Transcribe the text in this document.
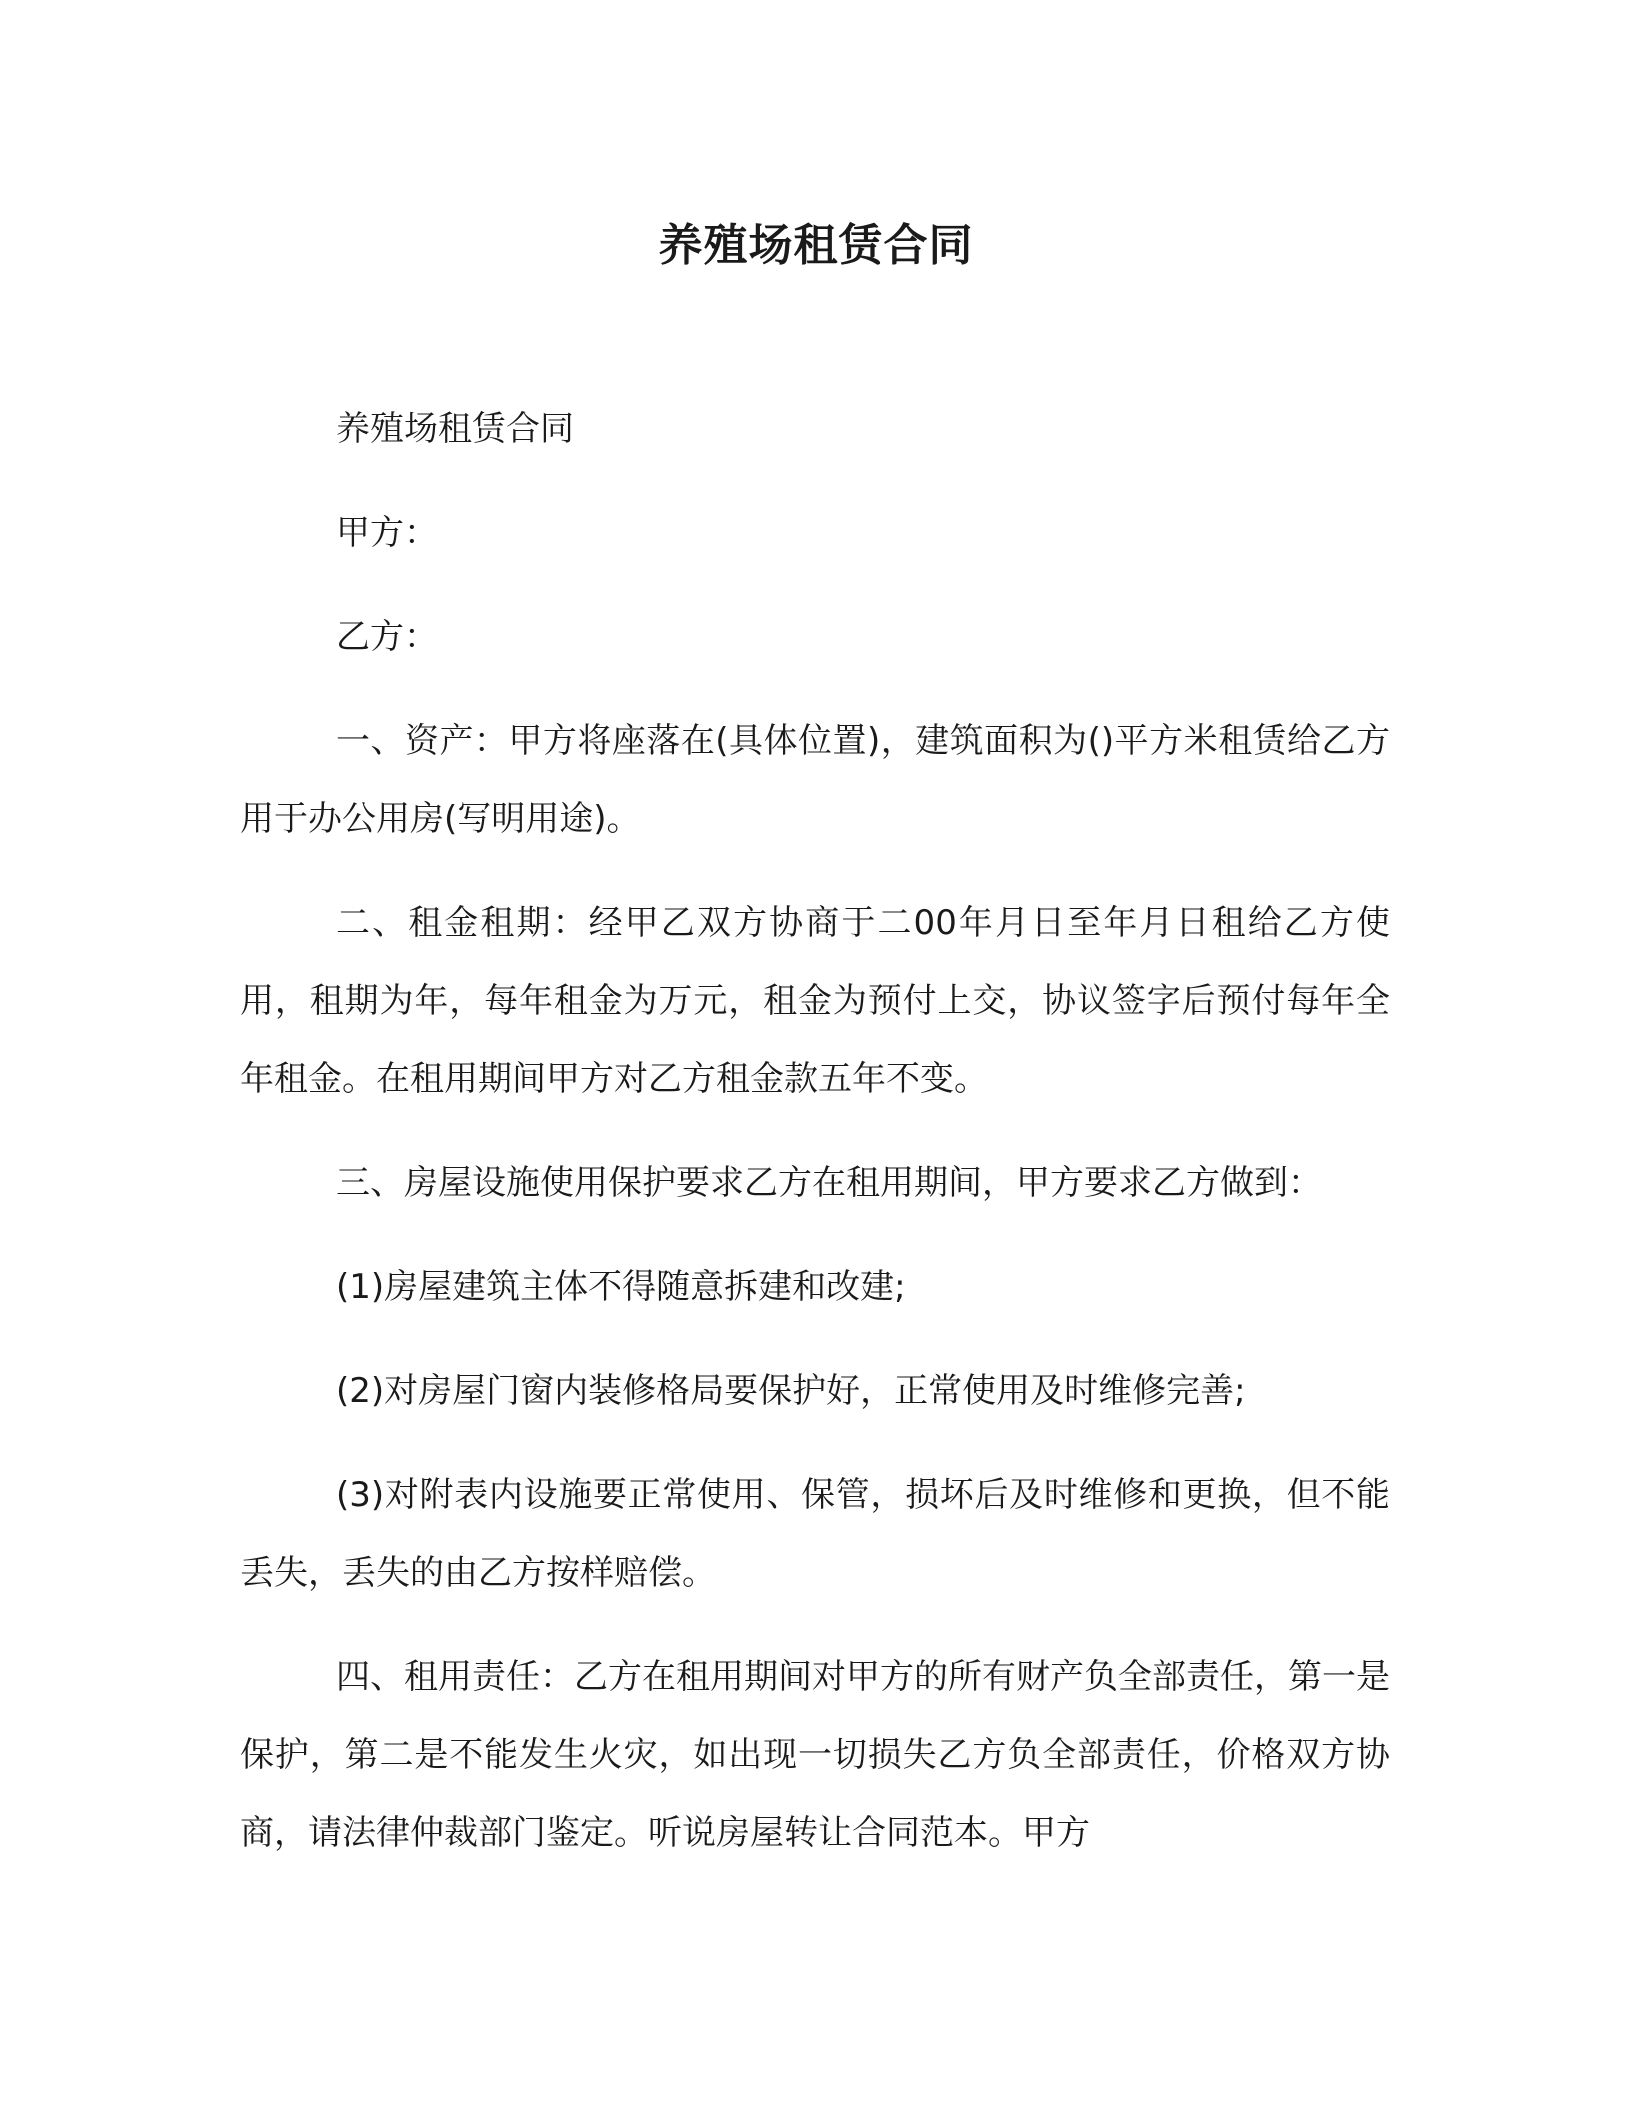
养殖场租赁合同

养殖场租赁合同

甲方：

乙方：

一、资产：甲方将座落在(具体位置)，建筑面积为()平方米租赁给乙方用于办公用房(写明用途)。

二、租金租期：经甲乙双方协商于二00年月日至年月日租给乙方使用，租期为年，每年租金为万元，租金为预付上交，协议签字后预付每年全年租金。在租用期间甲方对乙方租金款五年不变。

三、房屋设施使用保护要求乙方在租用期间，甲方要求乙方做到：

(1)房屋建筑主体不得随意拆建和改建;

(2)对房屋门窗内装修格局要保护好，正常使用及时维修完善;

(3)对附表内设施要正常使用、保管，损坏后及时维修和更换，但不能丢失，丢失的由乙方按样赔偿。

四、租用责任：乙方在租用期间对甲方的所有财产负全部责任，第一是保护，第二是不能发生火灾，如出现一切损失乙方负全部责任，价格双方协商，请法律仲裁部门鉴定。听说房屋转让合同范本。甲方
